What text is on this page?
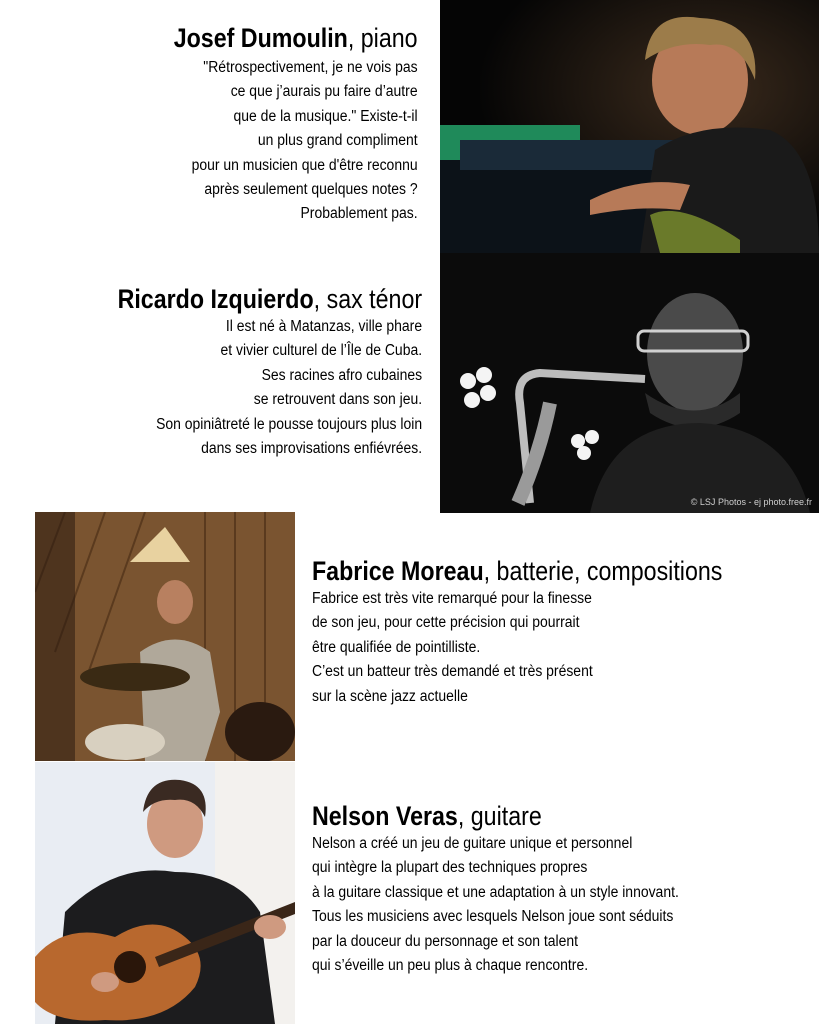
Josef Dumoulin, piano
"Rétrospectivement, je ne vois pas
ce que j’aurais pu faire d’autre
que de la musique." Existe-t-il
un plus grand compliment
pour un musicien que d'être reconnu
après seulement quelques notes ?
Probablement pas.
© LSJ Photos - ej photo.free.fr
Ricardo Izquierdo, sax ténor
Il est né à Matanzas, ville phare
et vivier culturel de l’Île de Cuba.
Ses racines afro cubaines
se retrouvent dans son jeu.
Son opiniâtreté le pousse toujours plus loin
dans ses improvisations enfiévrées.
Fabrice Moreau, batterie, compositions
Fabrice est très vite remarqué pour la finesse
de son jeu, pour cette précision qui pourrait
être qualifiée de pointilliste.
C’est un batteur très demandé et très présent
sur la scène jazz actuelle
Nelson Veras, guitare
Nelson a créé un jeu de guitare unique et personnel
qui intègre la plupart des techniques propres
à la guitare classique et une adaptation à un style innovant.
Tous les musiciens avec lesquels Nelson joue sont séduits
par la douceur du personnage et son talent
qui s’éveille un peu plus à chaque rencontre.
